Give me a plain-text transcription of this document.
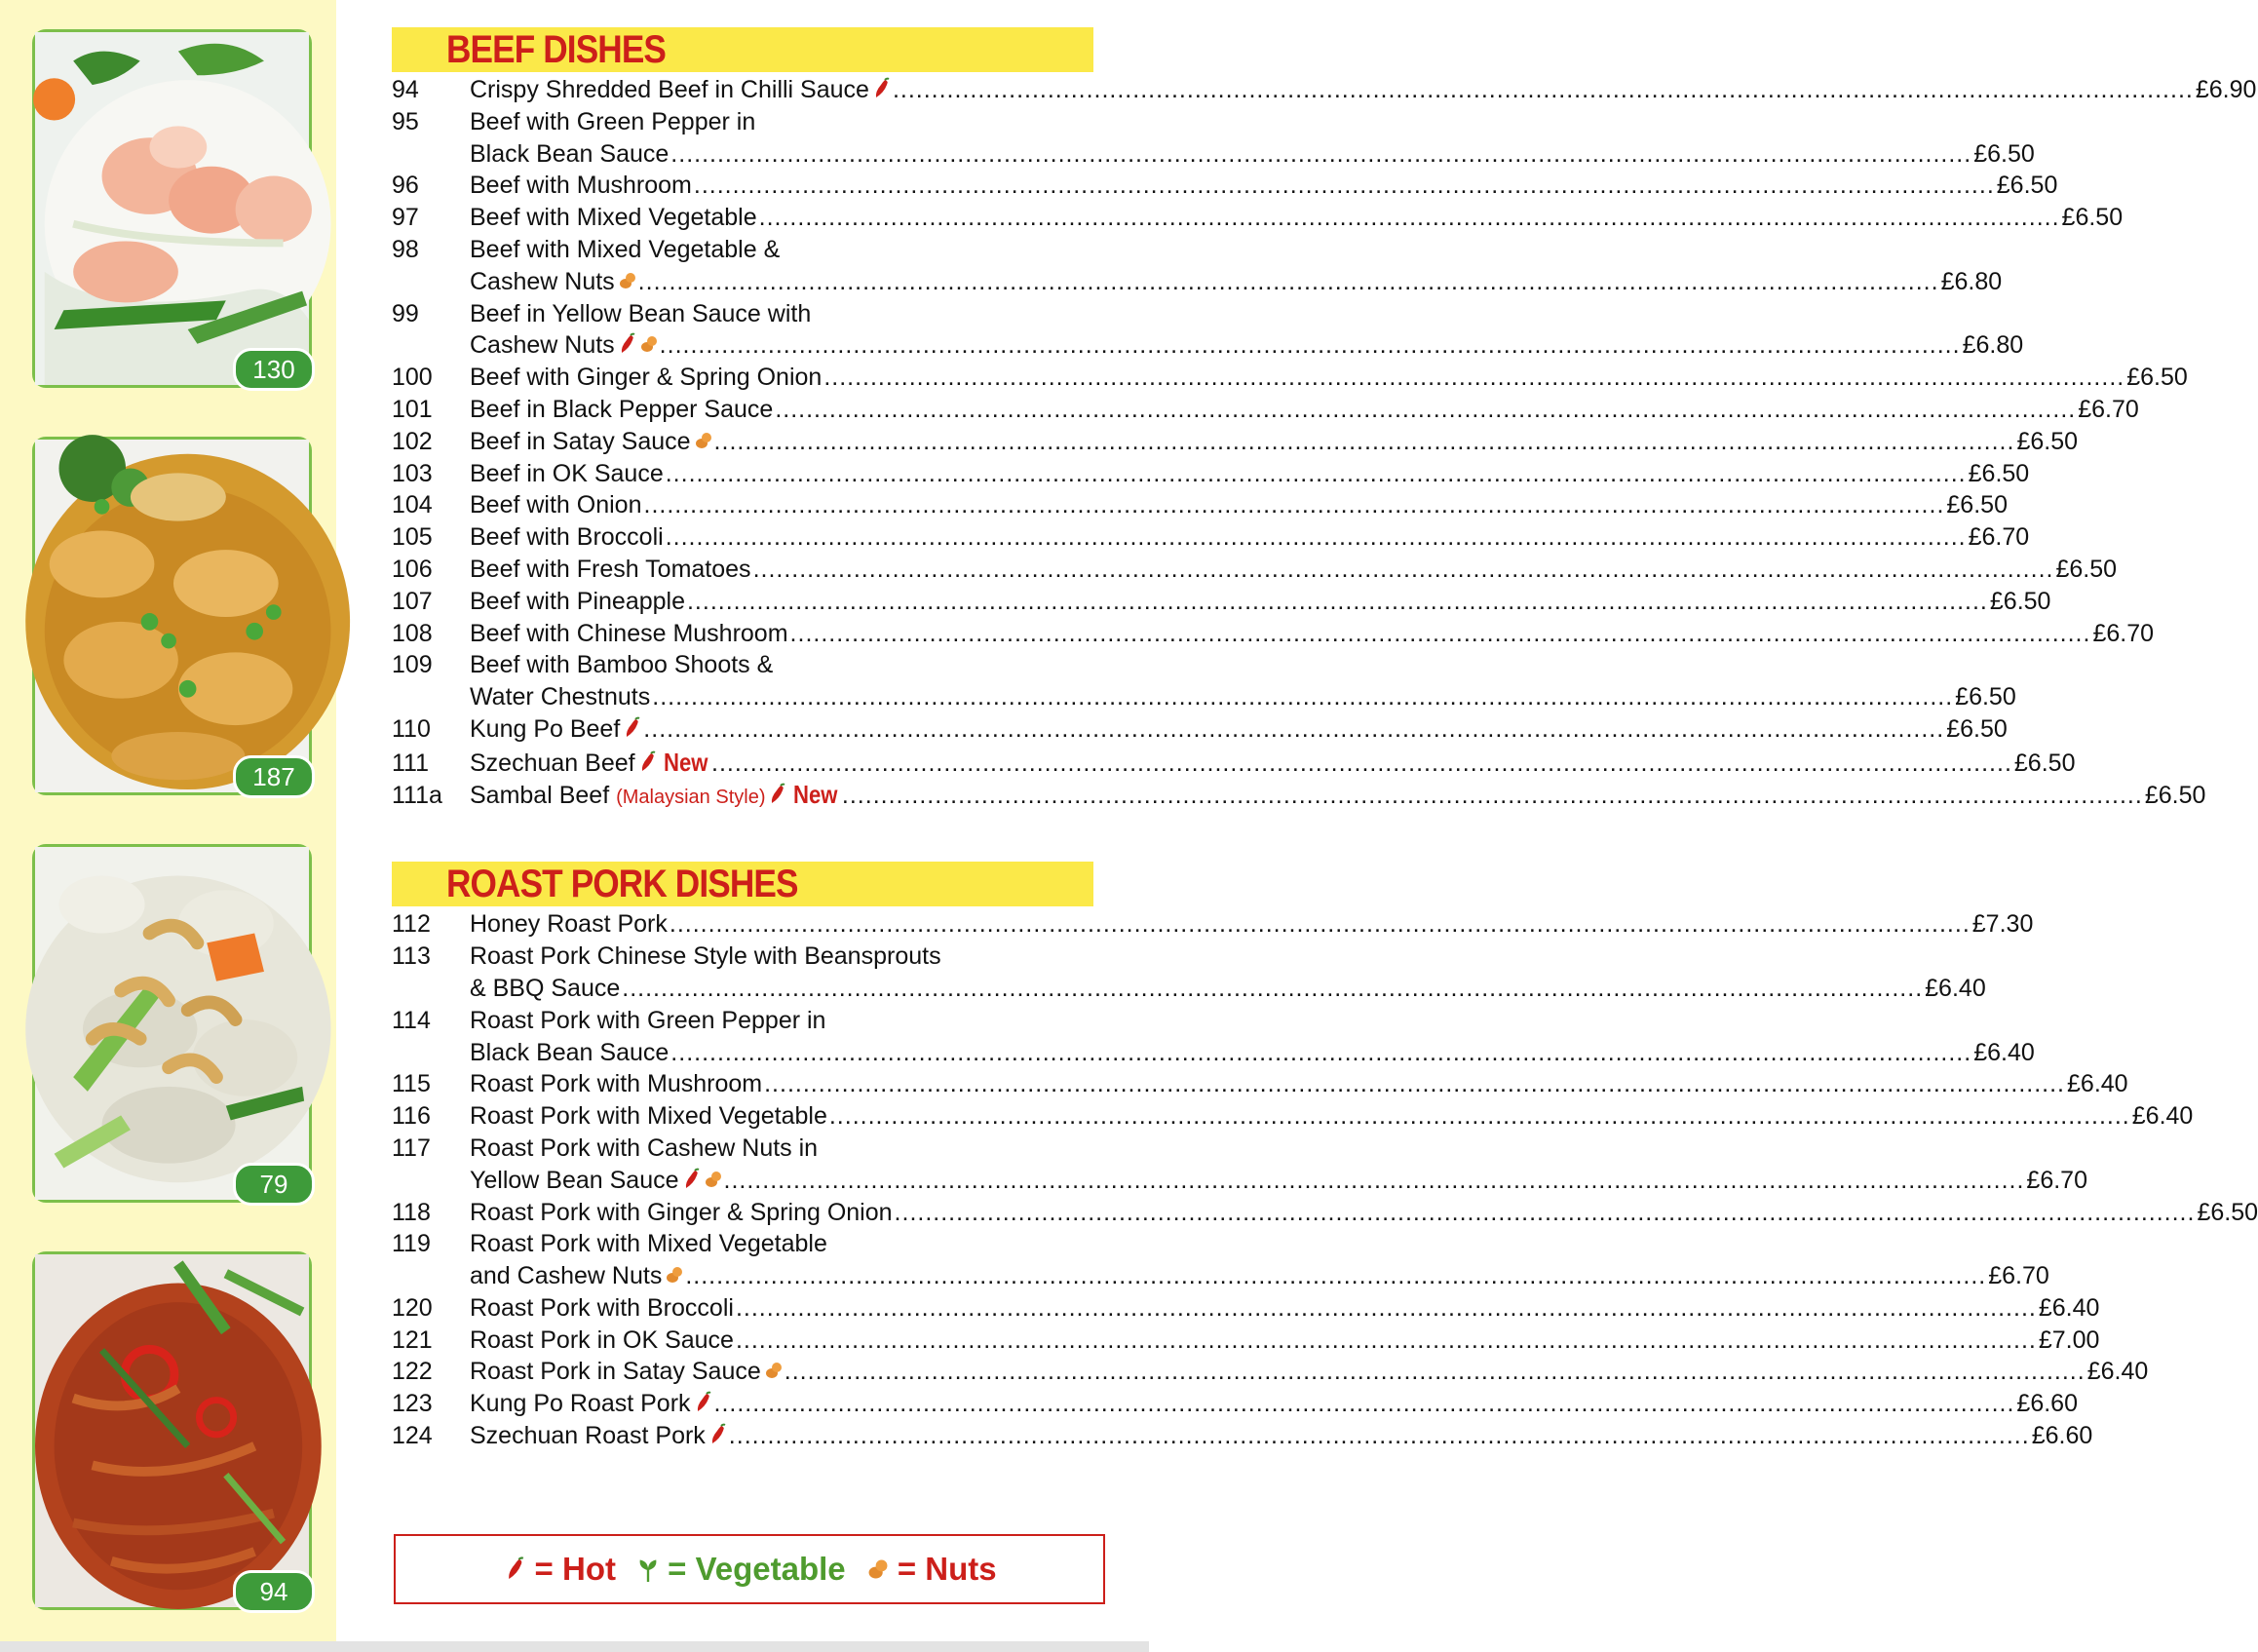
130
187
79
94
BEEF DISHES
94	Crispy Shredded Beef in Chilli Sauce .....	£6.90
95	Beef with Green Pepper in
Black Bean Sauce .....	£6.50
96	Beef with Mushroom .....	£6.50
97	Beef with Mixed Vegetable .....	£6.50
98	Beef with Mixed Vegetable &
Cashew Nuts .....	£6.80
99	Beef in Yellow Bean Sauce with
Cashew Nuts .....	£6.80
100	Beef with Ginger & Spring Onion .....	£6.50
101	Beef in Black Pepper Sauce .....	£6.70
102	Beef in Satay Sauce .....	£6.50
103	Beef in OK Sauce .....	£6.50
104	Beef with Onion .....	£6.50
105	Beef with Broccoli .....	£6.70
106	Beef with Fresh Tomatoes .....	£6.50
107	Beef with Pineapple .....	£6.50
108	Beef with Chinese Mushroom .....	£6.70
109	Beef with Bamboo Shoots &
Water Chestnuts .....	£6.50
110	Kung Po Beef .....	£6.50
111	Szechuan Beef New .....	£6.50
111a	Sambal Beef (Malaysian Style) New .....	£6.50
ROAST PORK DISHES
112	Honey Roast Pork .....	£7.30
113	Roast Pork Chinese Style with Beansprouts
& BBQ Sauce .....	£6.40
114	Roast Pork with Green Pepper in
Black Bean Sauce .....	£6.40
115	Roast Pork with Mushroom .....	£6.40
116	Roast Pork with Mixed Vegetable .....	£6.40
117	Roast Pork with Cashew Nuts in
Yellow Bean Sauce .....	£6.70
118	Roast Pork with Ginger & Spring Onion .....	£6.50
119	Roast Pork with Mixed Vegetable
and Cashew Nuts .....	£6.70
120	Roast Pork with Broccoli .....	£6.40
121	Roast Pork in OK Sauce .....	£7.00
122	Roast Pork in Satay Sauce .....	£6.40
123	Kung Po Roast Pork .....	£6.60
124	Szechuan Roast Pork .....	£6.60
= Hot	= Vegetable	= Nuts
